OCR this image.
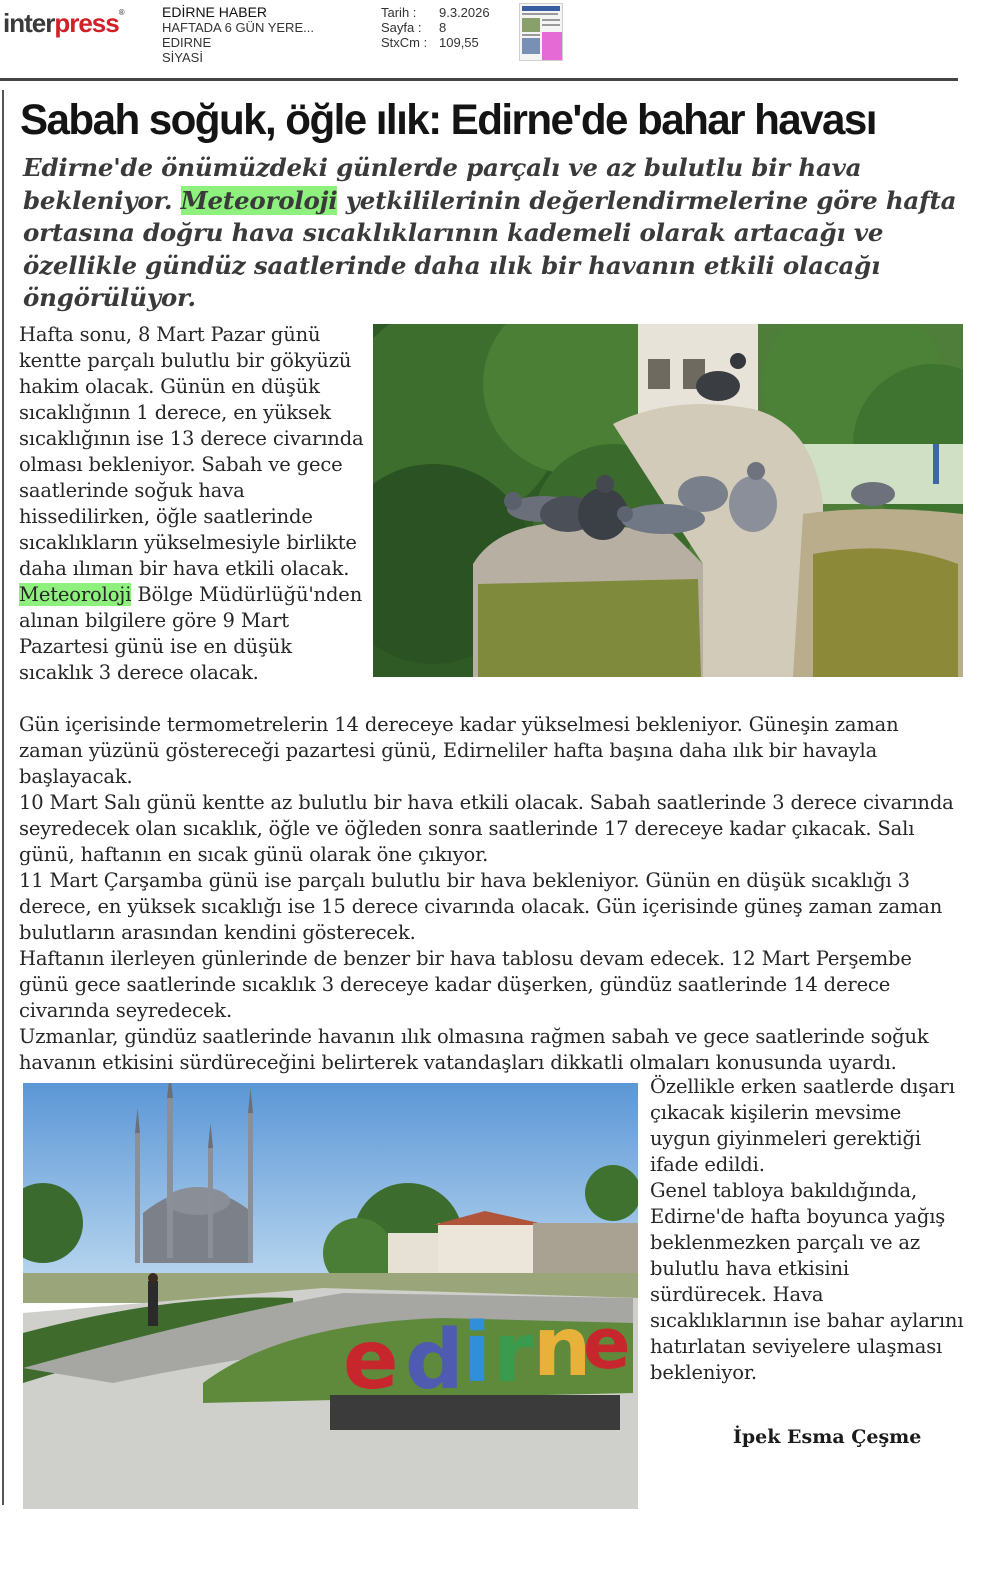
interpress®	EDİRNE HABER
HAFTADA 6 GÜN YERE...
EDIRNE
SİYASİ
Tarih :	9.3.2026
Sayfa :	8
StxCm : 109,55
Sabah soğuk, öğle ılık: Edirne'de bahar havası

Edirne'de önümüzdeki günlerde parçalı ve az bulutlu bir hava bekleniyor. Meteoroloji yetkililerinin değerlendirmelerine göre hafta ortasına doğru hava sıcaklıklarının kademeli olarak artacağı ve özellikle gündüz saatlerinde daha ılık bir havanın etkili olacağı öngörülüyor.

Hafta sonu, 8 Mart Pazar günü kentte parçalı bulutlu bir gökyüzü hakim olacak. Günün en düşük sıcaklığının 1 derece, en yüksek sıcaklığının ise 13 derece civarında olması bekleniyor. Sabah ve gece saatlerinde soğuk hava hissedilirken, öğle saatlerinde sıcaklıkların yükselmesiyle birlikte daha ılıman bir hava etkili olacak.

Meteoroloji Bölge Müdürlüğü'nden alınan bilgilere göre 9 Mart Pazartesi günü ise en düşük sıcaklık 3 derece olacak.

Gün içerisinde termometrelerin 14 dereceye kadar yükselmesi bekleniyor. Güneşin zaman zaman yüzünü göstereceği pazartesi günü, Edirneliler hafta başına daha ılık bir havayla başlayacak.

10 Mart Salı günü kentte az bulutlu bir hava etkili olacak. Sabah saatlerinde 3 derece civarında seyredecek olan sıcaklık, öğle ve öğleden sonra saatlerinde 17 dereceye kadar çıkacak. Salı günü, haftanın en sıcak günü olarak öne çıkıyor.

11 Mart Çarşamba günü ise parçalı bulutlu bir hava bekleniyor. Günün en düşük sıcaklığı 3 derece, en yüksek sıcaklığı ise 15 derece civarında olacak. Gün içerisinde güneş zaman zaman bulutların arasından kendini gösterecek.

Haftanın ilerleyen günlerinde de benzer bir hava tablosu devam edecek. 12 Mart Perşembe günü gece saatlerinde sıcaklık 3 dereceye kadar düşerken, gündüz saatlerinde 14 derece civarında seyredecek.

Uzmanlar, gündüz saatlerinde havanın ılık olmasına rağmen sabah ve gece saatlerinde soğuk havanın etkisini sürdüreceğini belirterek vatandaşları dikkatli olmaları konusunda uyardı.

e d i r n
e

Özellikle erken saatlerde dışarı çıkacak kişilerin mevsime uygun giyinmeleri gerektiği ifade edildi.

Genel tabloya bakıldığında, Edirne'de hafta boyunca yağış beklenmezken parçalı ve az bulutlu hava etkisini sürdürecek. Hava sıcaklıklarının ise bahar aylarını hatırlatan seviyelere ulaşması bekleniyor.

İpek Esma Çeşme
